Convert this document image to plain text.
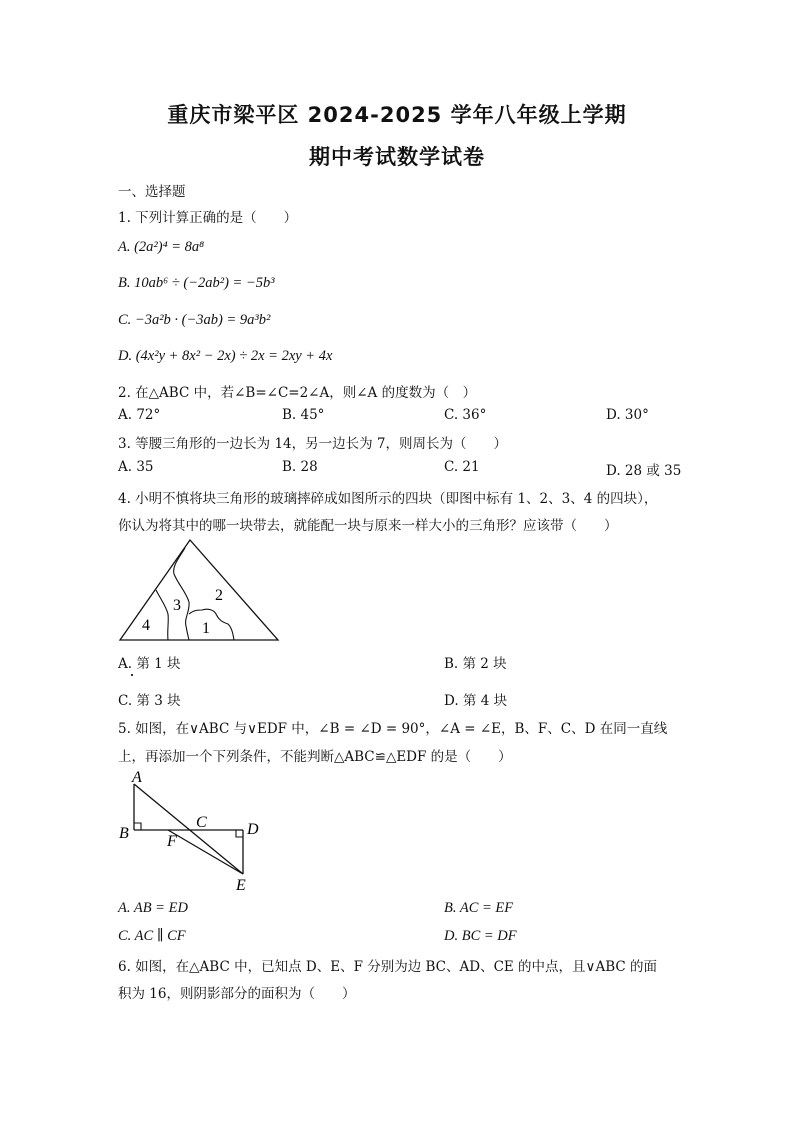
重庆市梁平区 2024-2025 学年八年级上学期
期中考试数学试卷
一、选择题
1. 下列计算正确的是（　　）
A. (2a²)⁴ = 8a⁸
B. 10ab⁶ ÷ (−2ab²) = −5b³
C. −3a²b · (−3ab) = 9a³b²
D. (4x²y + 8x² − 2x) ÷ 2x = 2xy + 4x
2. 在△ABC 中，若∠B=∠C=2∠A，则∠A 的度数为（　）
A. 72°	B. 45°	C. 36°	D. 30°
3. 等腰三角形的一边长为 14，另一边长为 7，则周长为（　　）
A. 35	B. 28	C. 21	D. 28 或 35
4. 小明不慎将块三角形的玻璃摔碎成如图所示的四块（即图中标有 1、2、3、4 的四块），
你认为将其中的哪一块带去，就能配一块与原来一样大小的三角形？应该带（　　）
1
2
3
4
A. 第 1 块	B. 第 2 块
C. 第 3 块	D. 第 4 块
5. 如图，在∨ABC 与∨EDF 中，∠B = ∠D = 90°，∠A = ∠E，B、F、C、D 在同一直线
上，再添加一个下列条件，不能判断△ABC≌△EDF 的是（　　）
A
B
C	D
E
F
A. AB = ED	B. AC = EF
C. AC ∥ CF	D. BC = DF
6. 如图，在△ABC 中，已知点 D、E、F 分别为边 BC、AD、CE 的中点，且∨ABC 的面
积为 16，则阴影部分的面积为（　　）
